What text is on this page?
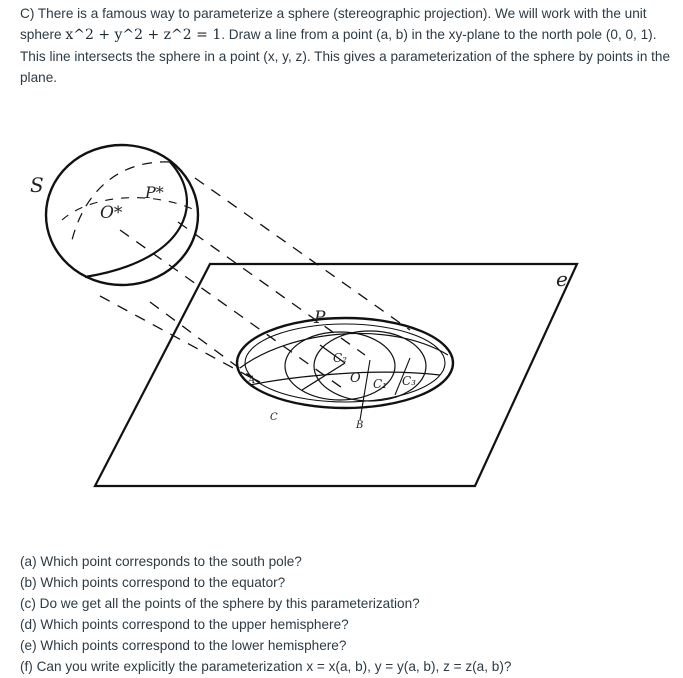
C) There is a famous way to parameterize a sphere (stereographic projection). We will work with the unit sphere x^2 + y^2 + z^2 = 1. Draw a line from a point (a, b) in the xy-plane to the north pole (0, 0, 1). This line intersects the sphere in a point (x, y, z). This gives a parameterization of the sphere by points in the plane.
S
O*
P*
e
P
C₂
O C₁ C₃
A
C
B
(a) Which point corresponds to the south pole?
(b) Which points correspond to the equator?
(c) Do we get all the points of the sphere by this parameterization?
(d) Which points correspond to the upper hemisphere?
(e) Which points correspond to the lower hemisphere?
(f) Can you write explicitly the parameterization x = x(a, b), y = y(a, b), z = z(a, b)?
